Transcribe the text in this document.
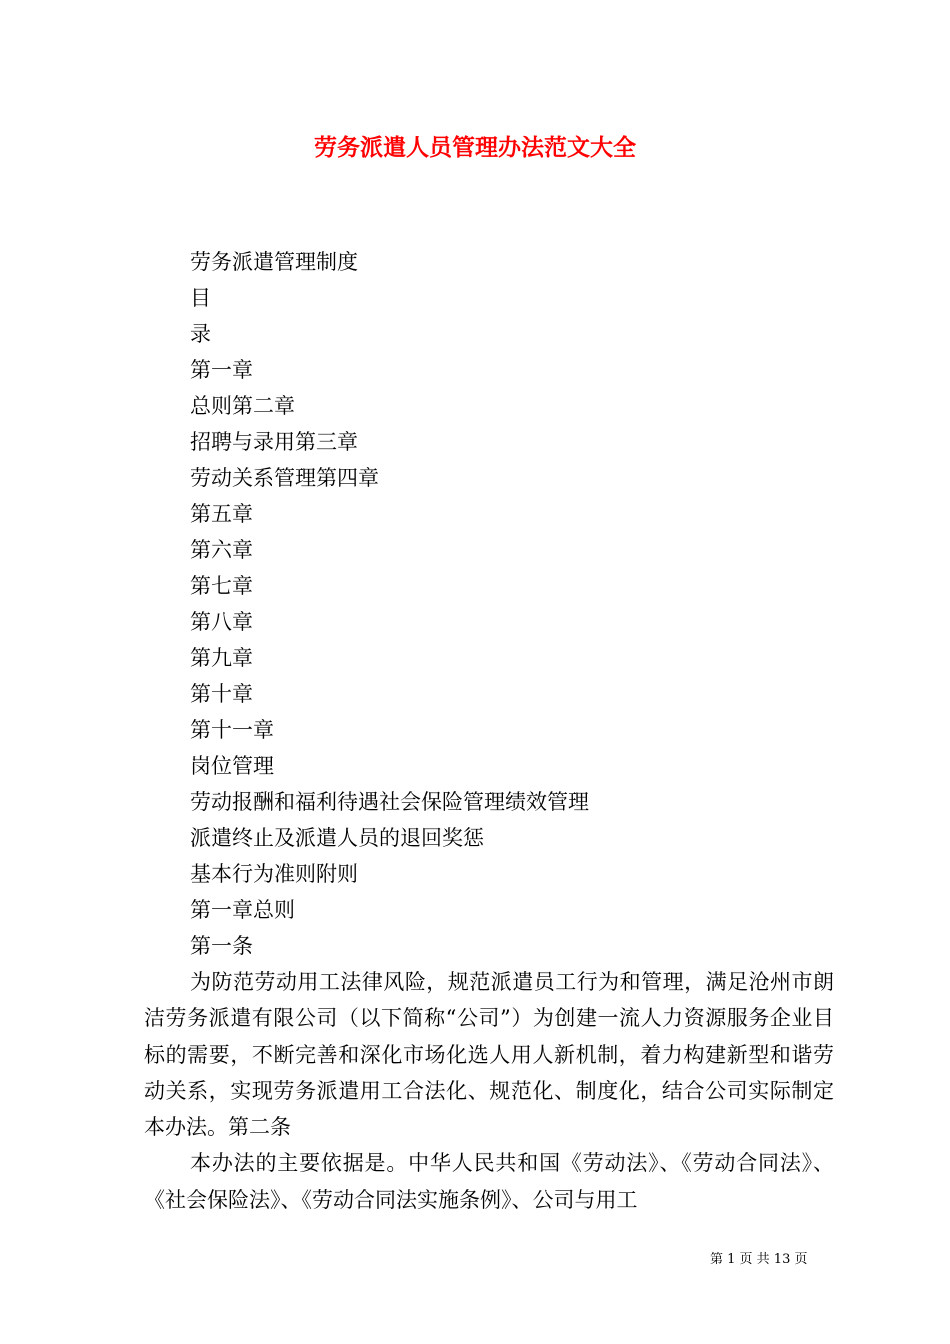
劳务派遣人员管理办法范文大全
劳务派遣管理制度
目
录
第一章
总则第二章
招聘与录用第三章
劳动关系管理第四章
第五章
第六章
第七章
第八章
第九章
第十章
第十一章
岗位管理
劳动报酬和福利待遇社会保险管理绩效管理
派遣终止及派遣人员的退回奖惩
基本行为准则附则
第一章总则
第一条

为防范劳动用工法律风险，规范派遣员工行为和管理，满足沧州市朗洁劳务派遣有限公司（以下简称“公司”）为创建一流人力资源服务企业目标的需要，不断完善和深化市场化选人用人新机制，着力构建新型和谐劳动关系，实现劳务派遣用工合法化、规范化、制度化，结合公司实际制定本办法。第二条

本办法的主要依据是。中华人民共和国《劳动法》、《劳动合同法》、《社会保险法》、《劳动合同法实施条例》、公司与用工

第 1 页 共 13 页
